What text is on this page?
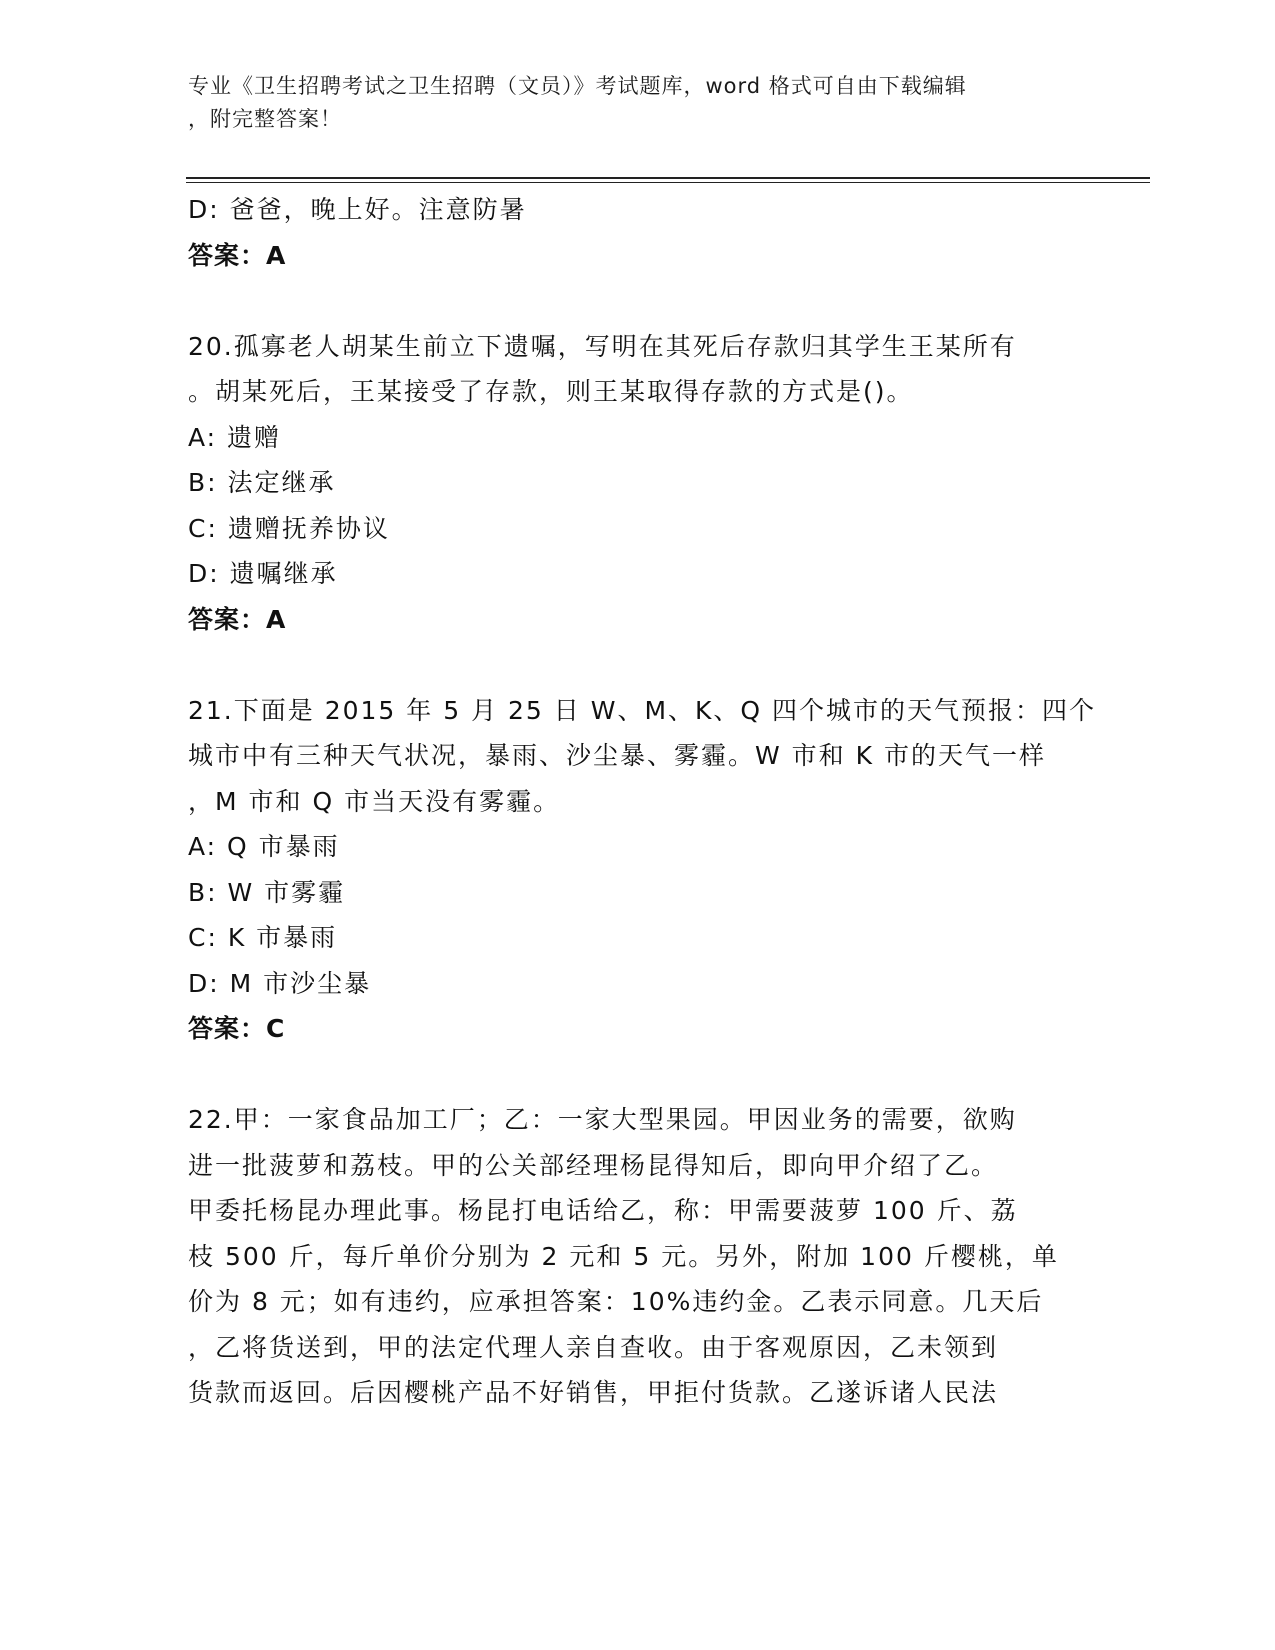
专业《卫生招聘考试之卫生招聘（文员）》考试题库，word 格式可自由下载编辑
，附完整答案！
D: 爸爸，晚上好。注意防暑
答案：A
20.孤寡老人胡某生前立下遗嘱，写明在其死后存款归其学生王某所有
。胡某死后，王某接受了存款，则王某取得存款的方式是()。
A: 遗赠
B: 法定继承
C: 遗赠抚养协议
D: 遗嘱继承
答案：A
21.下面是 2015 年 5 月 25 日 W、M、K、Q 四个城市的天气预报：四个
城市中有三种天气状况，暴雨、沙尘暴、雾霾。W 市和 K 市的天气一样
，M 市和 Q 市当天没有雾霾。
A: Q 市暴雨
B: W 市雾霾
C: K 市暴雨
D: M 市沙尘暴
答案：C
22.甲：一家食品加工厂；乙：一家大型果园。甲因业务的需要，欲购
进一批菠萝和荔枝。甲的公关部经理杨昆得知后，即向甲介绍了乙。
甲委托杨昆办理此事。杨昆打电话给乙，称：甲需要菠萝 100 斤、荔
枝 500 斤，每斤单价分别为 2 元和 5 元。另外，附加 100 斤樱桃，单
价为 8 元；如有违约，应承担答案：10%违约金。乙表示同意。几天后
，乙将货送到，甲的法定代理人亲自查收。由于客观原因，乙未领到
货款而返回。后因樱桃产品不好销售，甲拒付货款。乙遂诉诸人民法
